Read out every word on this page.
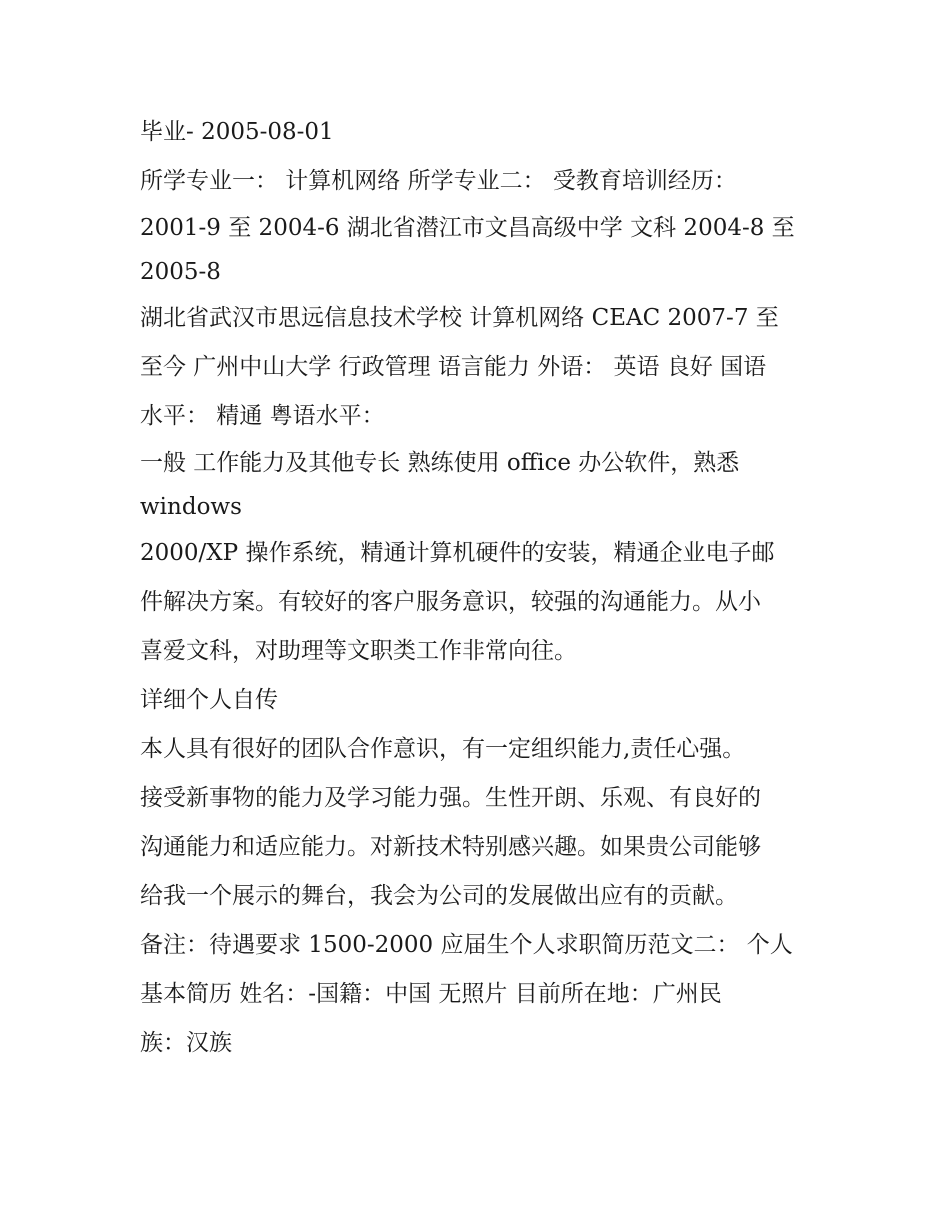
毕业- 2005-08-01
所学专业一： 计算机网络 所学专业二： 受教育培训经历：
2001-9 至 2004-6 湖北省潜江市文昌高级中学 文科 2004-8 至
2005-8
湖北省武汉市思远信息技术学校 计算机网络 CEAC 2007-7 至
至今 广州中山大学 行政管理 语言能力 外语： 英语 良好 国语
水平： 精通 粤语水平：
一般 工作能力及其他专长 熟练使用 office 办公软件，熟悉
windows
2000/XP 操作系统，精通计算机硬件的安装，精通企业电子邮
件解决方案。有较好的客户服务意识，较强的沟通能力。从小
喜爱文科，对助理等文职类工作非常向往。
详细个人自传
本人具有很好的团队合作意识，有一定组织能力,责任心强。
接受新事物的能力及学习能力强。生性开朗、乐观、有良好的
沟通能力和适应能力。对新技术特别感兴趣。如果贵公司能够
给我一个展示的舞台，我会为公司的发展做出应有的贡献。
备注：待遇要求 1500-2000 应届生个人求职简历范文二： 个人
基本简历 姓名：-国籍：中国 无照片 目前所在地：广州民
族：汉族
